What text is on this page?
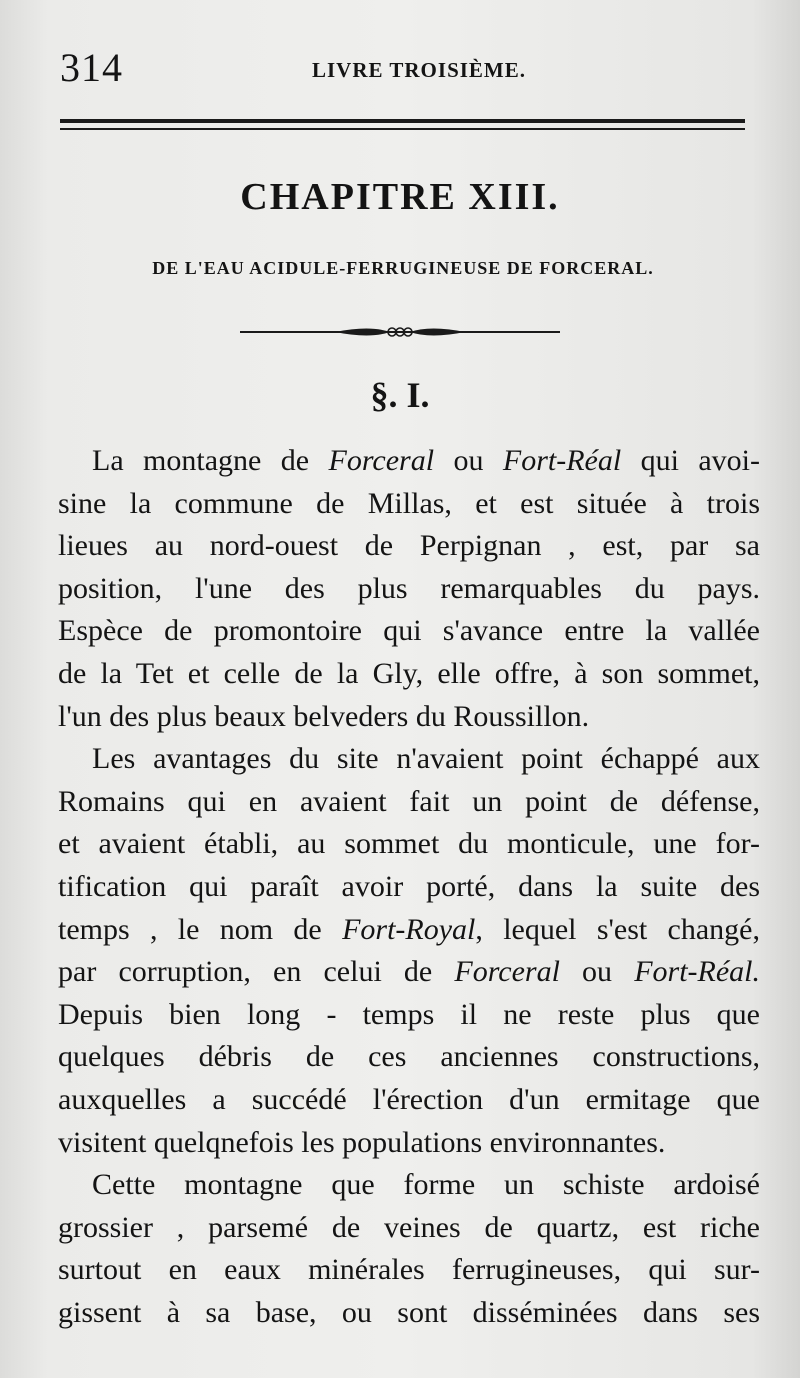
314	LIVRE TROISIÈME.
CHAPITRE XIII.
DE L'EAU ACIDULE-FERRUGINEUSE DE FORCERAL.
§. I.
La montagne de Forceral ou Fort-Réal qui avoi-
sine la commune de Millas, et est située à trois
lieues au nord-ouest de Perpignan , est, par sa
position, l'une des plus remarquables du pays.
Espèce de promontoire qui s'avance entre la vallée
de la Tet et celle de la Gly, elle offre, à son sommet,
l'un des plus beaux belveders du Roussillon.
Les avantages du site n'avaient point échappé aux
Romains qui en avaient fait un point de défense,
et avaient établi, au sommet du monticule, une for-
tification qui paraît avoir porté, dans la suite des
temps , le nom de Fort-Royal, lequel s'est changé,
par corruption, en celui de Forceral ou Fort-Réal.
Depuis bien long - temps il ne reste plus que
quelques débris de ces anciennes constructions,
auxquelles a succédé l'érection d'un ermitage que
visitent quelqnefois les populations environnantes.
Cette montagne que forme un schiste ardoisé
grossier , parsemé de veines de quartz, est riche
surtout en eaux minérales ferrugineuses, qui sur-
gissent à sa base, ou sont disséminées dans ses
